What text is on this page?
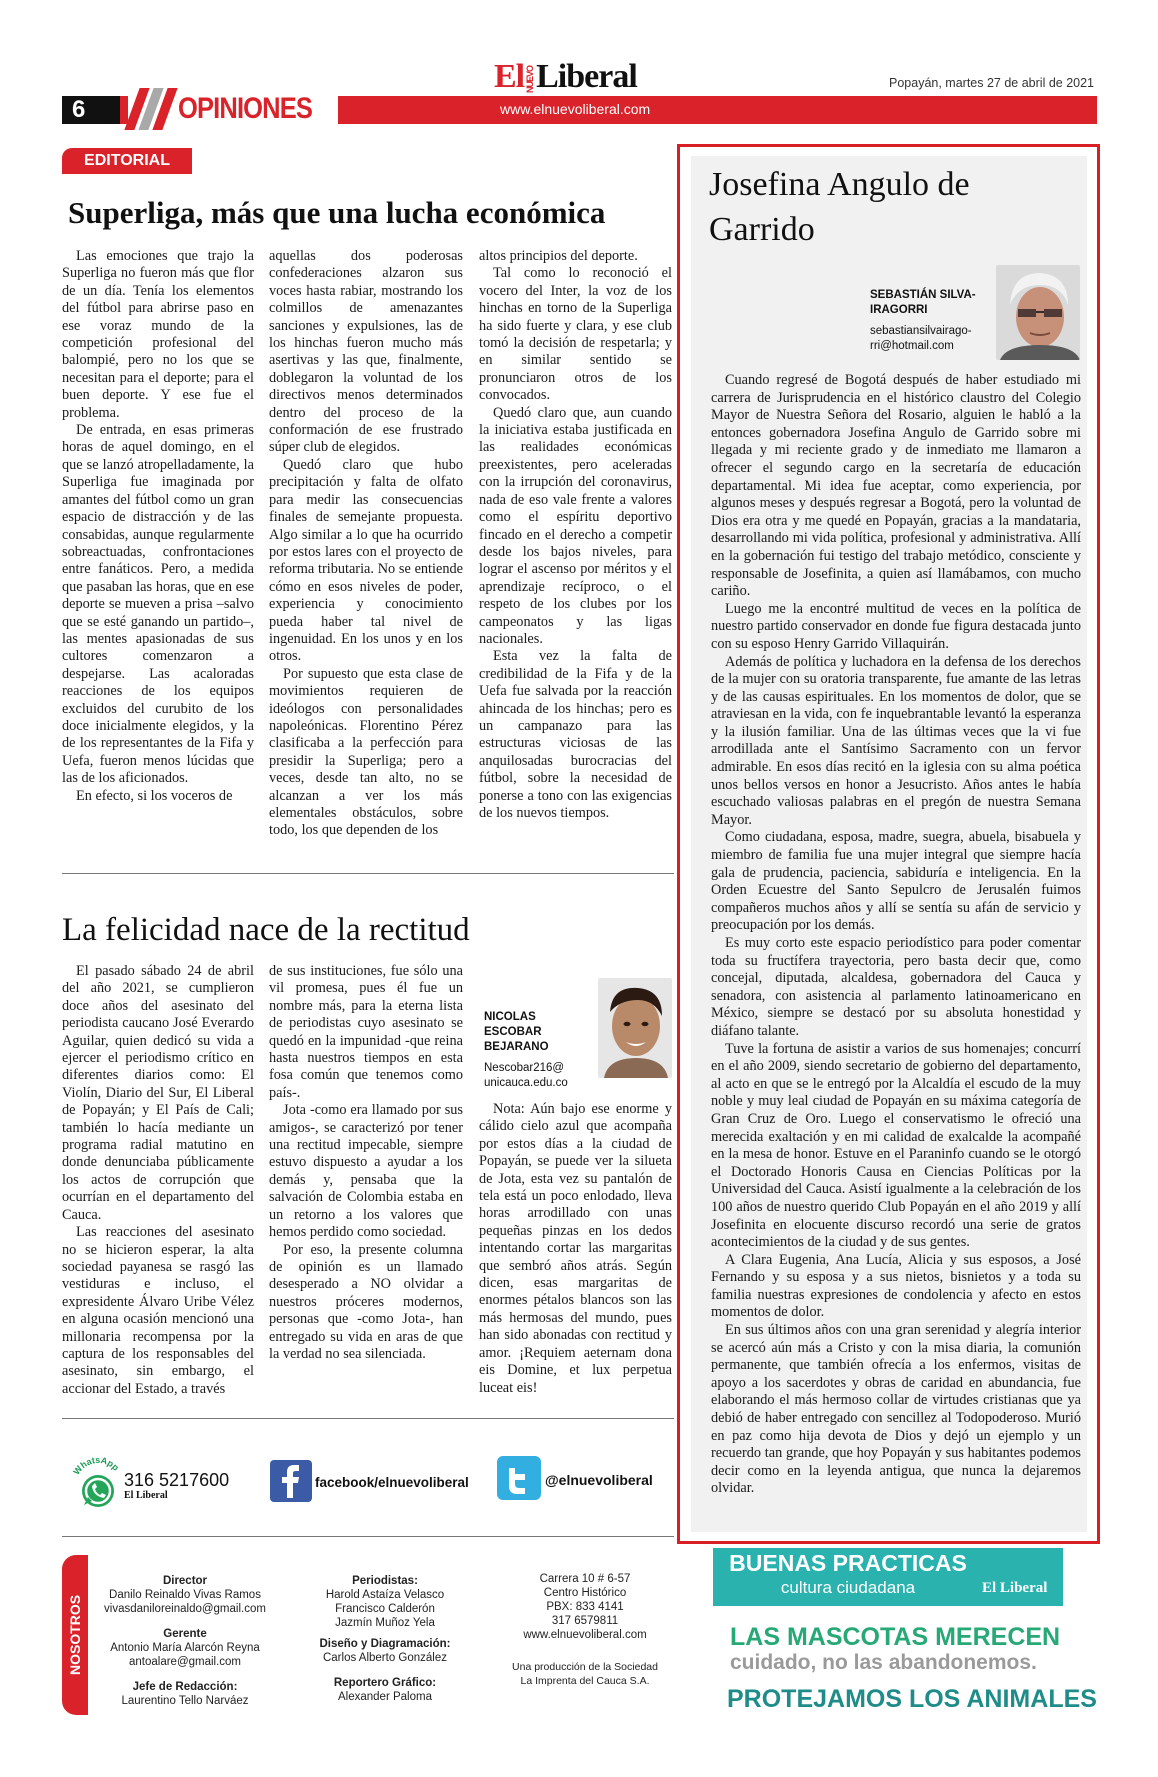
6	OPINIONES
ElNUEVOLiberal
www.elnuevoliberal.com
Popayán, martes 27 de abril de 2021
EDITORIAL
Superliga, más que una lucha económica

Las emociones que trajo la Superliga no fueron más que flor de un día. Tenía los elementos del fútbol para abrirse paso en ese voraz mundo de la competición profesional del balompié, pero no los que se necesitan para el deporte; para el buen deporte. Y ese fue el problema.

De entrada, en esas primeras horas de aquel domingo, en el que se lanzó atropelladamente, la Superliga fue imaginada por amantes del fútbol como un gran espacio de distracción y de las consabidas, aunque regularmente sobreactuadas, confrontaciones entre fanáticos. Pero, a medida que pasaban las horas, que en ese deporte se mueven a prisa –salvo que se esté ganando un partido–, las mentes apasionadas de sus cultores comenzaron a despejarse. Las acaloradas reacciones de los equipos excluidos del curubito de los doce inicialmente elegidos, y la de los representantes de la Fifa y Uefa, fueron menos lúcidas que las de los aficionados.

En efecto, si los voceros de

aquellas dos poderosas confederaciones alzaron sus voces hasta rabiar, mostrando los colmillos de amenazantes sanciones y expulsiones, las de los hinchas fueron mucho más asertivas y las que, finalmente, doblegaron la voluntad de los directivos menos determinados dentro del proceso de la conformación de ese frustrado súper club de elegidos.

Quedó claro que hubo precipitación y falta de olfato para medir las consecuencias finales de semejante propuesta. Algo similar a lo que ha ocurrido por estos lares con el proyecto de reforma tributaria. No se entiende cómo en esos niveles de poder, experiencia y conocimiento pueda haber tal nivel de ingenuidad. En los unos y en los otros.

Por supuesto que esta clase de movimientos requieren de ideólogos con personalidades napoleónicas. Florentino Pérez clasificaba a la perfección para presidir la Superliga; pero a veces, desde tan alto, no se alcanzan a ver los más elementales obstáculos, sobre todo, los que dependen de los

altos principios del deporte.

Tal como lo reconoció el vocero del Inter, la voz de los hinchas en torno de la Superliga ha sido fuerte y clara, y ese club tomó la decisión de respetarla; y en similar sentido se pronunciaron otros de los convocados.

Quedó claro que, aun cuando la iniciativa estaba justificada en las realidades económicas preexistentes, pero aceleradas con la irrupción del coronavirus, nada de eso vale frente a valores como el espíritu deportivo fincado en el derecho a competir desde los bajos niveles, para lograr el ascenso por méritos y el aprendizaje recíproco, o el respeto de los clubes por los campeonatos y las ligas nacionales.

Esta vez la falta de credibilidad de la Fifa y de la Uefa fue salvada por la reacción ahincada de los hinchas; pero es un campanazo para las estructuras viciosas de las anquilosadas burocracias del fútbol, sobre la necesidad de ponerse a tono con las exigencias de los nuevos tiempos.

La felicidad nace de la rectitud

El pasado sábado 24 de abril del año 2021, se cumplieron doce años del asesinato del periodista caucano José Everardo Aguilar, quien dedicó su vida a ejercer el periodismo crítico en diferentes diarios como: El Violín, Diario del Sur, El Liberal de Popayán; y El País de Cali; también lo hacía mediante un programa radial matutino en donde denunciaba públicamente los actos de corrupción que ocurrían en el departamento del Cauca.

Las reacciones del asesinato no se hicieron esperar, la alta sociedad payanesa se rasgó las vestiduras e incluso, el expresidente Álvaro Uribe Vélez en alguna ocasión mencionó una millonaria recompensa por la captura de los responsables del asesinato, sin embargo, el accionar del Estado, a través

de sus instituciones, fue sólo una vil promesa, pues él fue un nombre más, para la eterna lista de periodistas cuyo asesinato se quedó en la impunidad -que reina hasta nuestros tiempos en esta fosa común que tenemos como país-.

Jota -como era llamado por sus amigos-, se caracterizó por tener una rectitud impecable, siempre estuvo dispuesto a ayudar a los demás y, pensaba que la salvación de Colombia estaba en un retorno a los valores que hemos perdido como sociedad.

Por eso, la presente columna de opinión es un llamado desesperado a NO olvidar a nuestros próceres modernos, personas que -como Jota-, han entregado su vida en aras de que la verdad no sea silenciada.

NICOLAS ESCOBAR
BEJARANO
Nescobar216@
unicauca.edu.co

Nota: Aún bajo ese enorme y cálido cielo azul que acompaña por estos días a la ciudad de Popayán, se puede ver la silueta de Jota, esta vez su pantalón de tela está un poco enlodado, lleva horas arrodillado con unas pequeñas pinzas en los dedos intentando cortar las margaritas que sembró años atrás. Según dicen, esas margaritas de enormes pétalos blancos son las más hermosas del mundo, pues han sido abonadas con rectitud y amor. ¡Requiem aeternam dona eis Domine, et lux perpetua luceat eis!

Josefina Angulo de Garrido
SEBASTIÁN SILVA-
IRAGORRI
sebastiansilvairago-
rri@hotmail.com

Cuando regresé de Bogotá después de haber estudiado mi carrera de Jurisprudencia en el histórico claustro del Colegio Mayor de Nuestra Señora del Rosario, alguien le habló a la entonces gobernadora Josefina Angulo de Garrido sobre mi llegada y mi reciente grado y de inmediato me llamaron a ofrecer el segundo cargo en la secretaría de educación departamental. Mi idea fue aceptar, como experiencia, por algunos meses y después regresar a Bogotá, pero la voluntad de Dios era otra y me quedé en Popayán, gracias a la mandataria, desarrollando mi vida política, profesional y administrativa. Allí en la gobernación fui testigo del trabajo metódico, consciente y responsable de Josefinita, a quien así llamábamos, con mucho cariño.

Luego me la encontré multitud de veces en la política de nuestro partido conservador en donde fue figura destacada junto con su esposo Henry Garrido Villaquirán.

Además de política y luchadora en la defensa de los derechos de la mujer con su oratoria transparente, fue amante de las letras y de las causas espirituales. En los momentos de dolor, que se atraviesan en la vida, con fe inquebrantable levantó la esperanza y la ilusión familiar. Una de las últimas veces que la vi fue arrodillada ante el Santísimo Sacramento con un fervor admirable. En esos días recitó en la iglesia con su alma poética unos bellos versos en honor a Jesucristo. Años antes le había escuchado valiosas palabras en el pregón de nuestra Semana Mayor.

Como ciudadana, esposa, madre, suegra, abuela, bisabuela y miembro de familia fue una mujer integral que siempre hacía gala de prudencia, paciencia, sabiduría e inteligencia. En la Orden Ecuestre del Santo Sepulcro de Jerusalén fuimos compañeros muchos años y allí se sentía su afán de servicio y preocupación por los demás.

Es muy corto este espacio periodístico para poder comentar toda su fructífera trayectoria, pero basta decir que, como concejal, diputada, alcaldesa, gobernadora del Cauca y senadora, con asistencia al parlamento latinoamericano en México, siempre se destacó por su absoluta honestidad y diáfano talante.

Tuve la fortuna de asistir a varios de sus homenajes; concurrí en el año 2009, siendo secretario de gobierno del departamento, al acto en que se le entregó por la Alcaldía el escudo de la muy noble y muy leal ciudad de Popayán en su máxima categoría de Gran Cruz de Oro. Luego el conservatismo le ofreció una merecida exaltación y en mi calidad de exalcalde la acompañé en la mesa de honor. Estuve en el Paraninfo cuando se le otorgó el Doctorado Honoris Causa en Ciencias Políticas por la Universidad del Cauca. Asistí igualmente a la celebración de los 100 años de nuestro querido Club Popayán en el año 2019 y allí Josefinita en elocuente discurso recordó una serie de gratos acontecimientos de la ciudad y de sus gentes.

A Clara Eugenia, Ana Lucía, Alicia y sus esposos, a José Fernando y su esposa y a sus nietos, bisnietos y a toda su familia nuestras expresiones de condolencia y afecto en estos momentos de dolor.

En sus últimos años con una gran serenidad y alegría interior se acercó aún más a Cristo y con la misa diaria, la comunión permanente, que también ofrecía a los enfermos, visitas de apoyo a los sacerdotes y obras de caridad en abundancia, fue elaborando el más hermoso collar de virtudes cristianas que ya debió de haber entregado con sencillez al Todopoderoso. Murió en paz como hija devota de Dios y dejó un ejemplo y un recuerdo tan grande, que hoy Popayán y sus habitantes podemos decir como en la leyenda antigua, que nunca la dejaremos olvidar.

WhatsApp
316 5217600
El Liberal
facebook/elnuevoliberal	@elnuevoliberal
NOSOTROS
Director
Danilo Reinaldo Vivas Ramos
vivasdaniloreinaldo@gmail.com
Gerente
Antonio María Alarcón Reyna
antoalare@gmail.com
Jefe de Redacción:
Laurentino Tello Narváez
Periodistas:
Harold Astaíza Velasco
Francisco Calderón
Jazmín Muñoz Yela
Diseño y Diagramación:
Carlos Alberto González
Reportero Gráfico:
Alexander Paloma
Carrera 10 # 6-57
Centro Histórico
PBX: 833 4141
317 6579811
www.elnuevoliberal.com
Una producción de la Sociedad
La Imprenta del Cauca S.A.
BUENAS PRACTICAS
cultura ciudadana	El Liberal
LAS MASCOTAS MERECEN
cuidado, no las abandonemos.
PROTEJAMOS LOS ANIMALES
